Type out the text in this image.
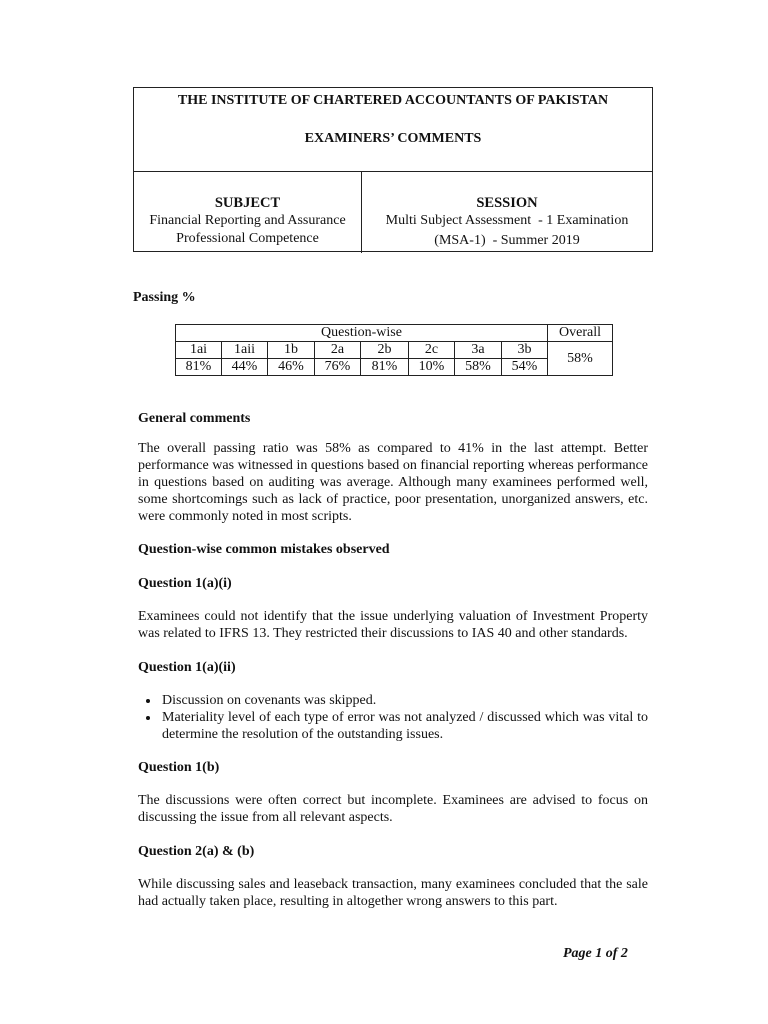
THE INSTITUTE OF CHARTERED ACCOUNTANTS OF PAKISTAN
EXAMINERS’ COMMENTS
SUBJECT
Financial Reporting and Assurance
Professional Competence
SESSION
Multi Subject Assessment  - 1 Examination
(MSA-1)  - Summer 2019
Passing %
Question-wise								Overall
1ai	1aii	1b	2a	2b	2c	3a	3b	58%
81%	44%	46%	76%	81%	10%	58%	54%	
General comments

The overall passing ratio was 58% as compared to 41% in the last attempt. Better performance was witnessed in questions based on financial reporting whereas performance in questions based on auditing was average. Although many examinees performed well, some shortcomings such as lack of practice, poor presentation, unorganized answers, etc. were commonly noted in most scripts.

Question-wise common mistakes observed
Question 1(a)(i)

Examinees could not identify that the issue underlying valuation of Investment Property was related to IFRS 13. They restricted their discussions to IAS 40 and other standards.

Question 1(a)(ii)
• Discussion on covenants was skipped.
• Materiality level of each type of error was not analyzed / discussed which was vital to determine the resolution of the outstanding issues.
Question 1(b)

The discussions were often correct but incomplete. Examinees are advised to focus on discussing the issue from all relevant aspects.

Question 2(a) & (b)

While discussing sales and leaseback transaction, many examinees concluded that the sale had actually taken place, resulting in altogether wrong answers to this part.

Page 1 of 2
